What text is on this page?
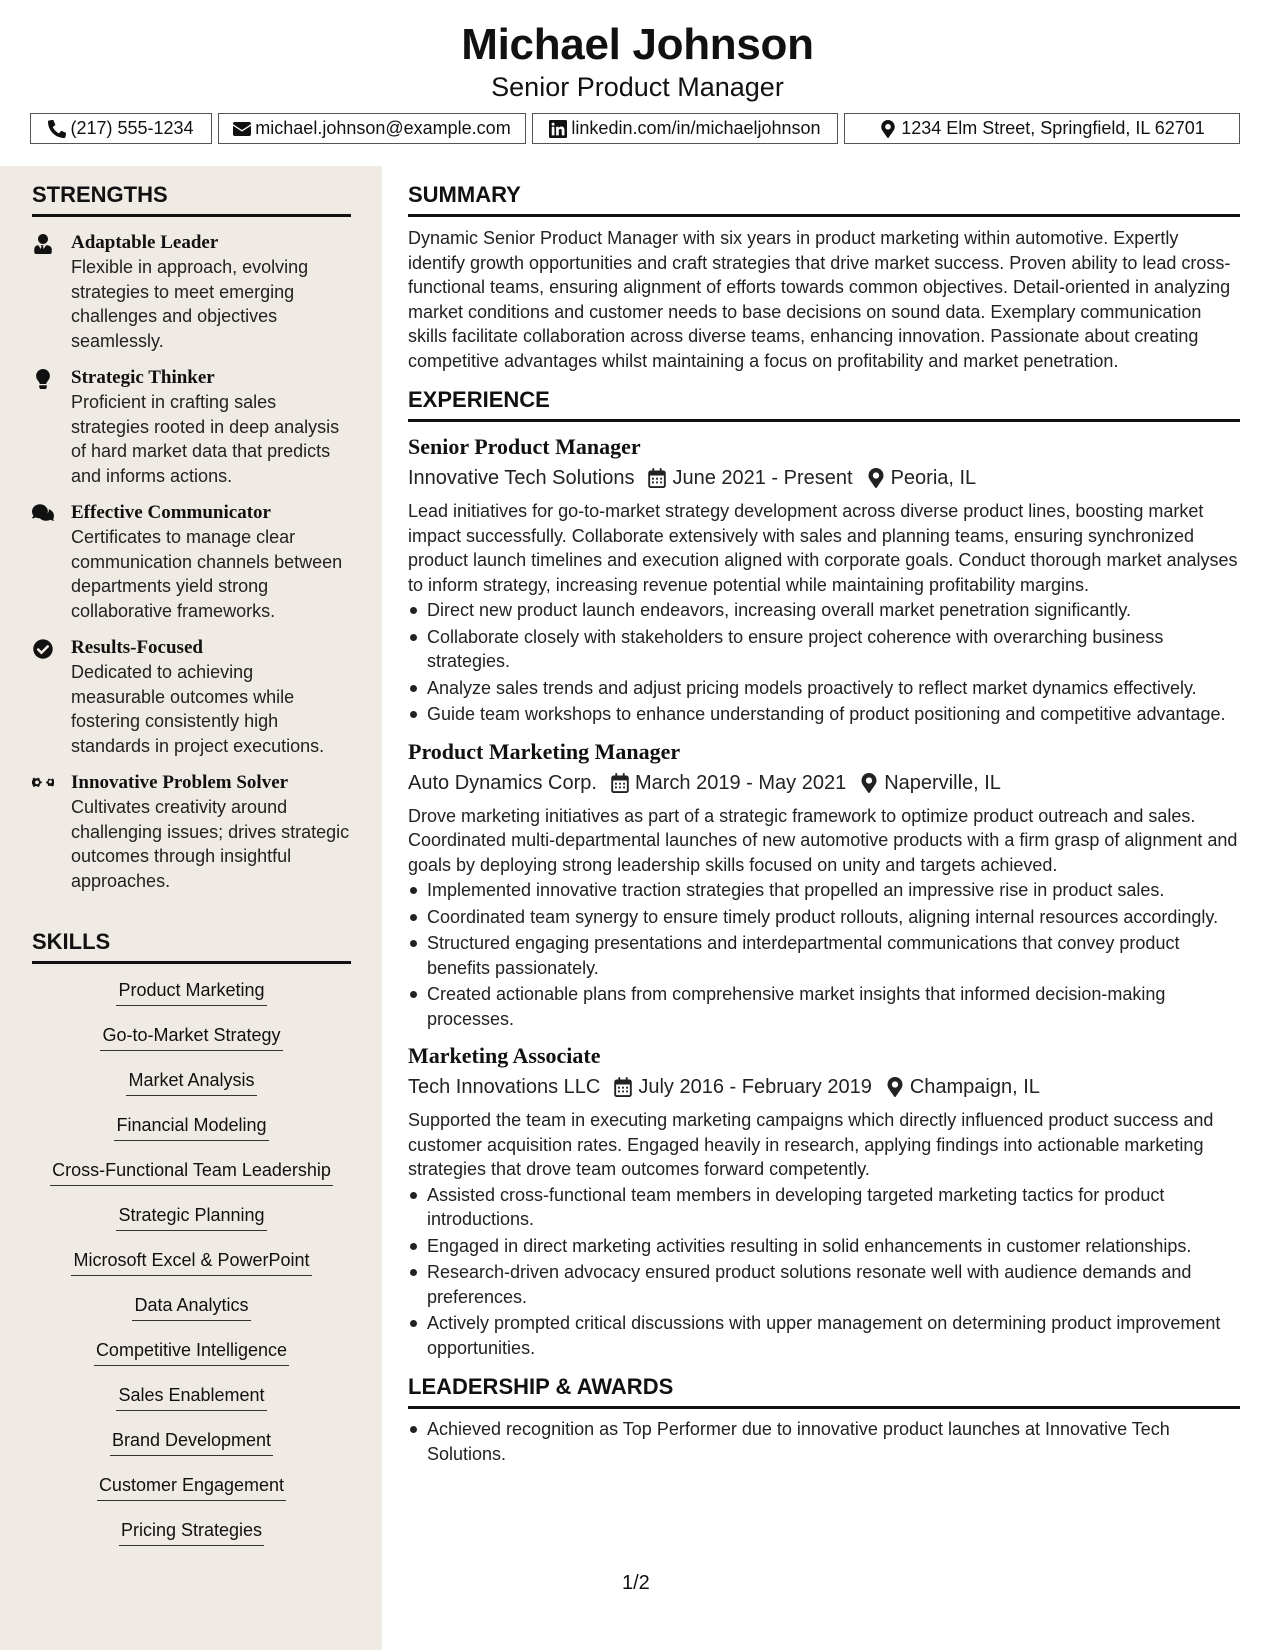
Michael Johnson
Senior Product Manager
(217) 555-1234	michael.johnson@example.com	linkedin.com/in/michaeljohnson	1234 Elm Street, Springfield, IL 62701
STRENGTHS
Adaptable Leader
Flexible in approach, evolving strategies to meet emerging challenges and objectives seamlessly.
Strategic Thinker
Proficient in crafting sales strategies rooted in deep analysis of hard market data that predicts and informs actions.
Effective Communicator
Certificates to manage clear communication channels between departments yield strong collaborative frameworks.
Results-Focused
Dedicated to achieving measurable outcomes while fostering consistently high standards in project executions.
Innovative Problem Solver
Cultivates creativity around challenging issues; drives strategic outcomes through insightful approaches.
SKILLS
Product Marketing
Go-to-Market Strategy
Market Analysis
Financial Modeling
Cross-Functional Team Leadership
Strategic Planning
Microsoft Excel & PowerPoint
Data Analytics
Competitive Intelligence
Sales Enablement
Brand Development
Customer Engagement
Pricing Strategies
SUMMARY
Dynamic Senior Product Manager with six years in product marketing within automotive. Expertly identify growth opportunities and craft strategies that drive market success. Proven ability to lead cross-functional teams, ensuring alignment of efforts towards common objectives. Detail-oriented in analyzing market conditions and customer needs to base decisions on sound data. Exemplary communication skills facilitate collaboration across diverse teams, enhancing innovation. Passionate about creating competitive advantages whilst maintaining a focus on profitability and market penetration.
EXPERIENCE
Senior Product Manager
Innovative Tech Solutions June 2021 - Present Peoria, IL
Lead initiatives for go-to-market strategy development across diverse product lines, boosting market impact successfully. Collaborate extensively with sales and planning teams, ensuring synchronized product launch timelines and execution aligned with corporate goals. Conduct thorough market analyses to inform strategy, increasing revenue potential while maintaining profitability margins.
Direct new product launch endeavors, increasing overall market penetration significantly.
Collaborate closely with stakeholders to ensure project coherence with overarching business strategies.
Analyze sales trends and adjust pricing models proactively to reflect market dynamics effectively.
Guide team workshops to enhance understanding of product positioning and competitive advantage.
Product Marketing Manager
Auto Dynamics Corp. March 2019 - May 2021 Naperville, IL
Drove marketing initiatives as part of a strategic framework to optimize product outreach and sales. Coordinated multi-departmental launches of new automotive products with a firm grasp of alignment and goals by deploying strong leadership skills focused on unity and targets achieved.
Implemented innovative traction strategies that propelled an impressive rise in product sales.
Coordinated team synergy to ensure timely product rollouts, aligning internal resources accordingly.
Structured engaging presentations and interdepartmental communications that convey product benefits passionately.
Created actionable plans from comprehensive market insights that informed decision-making processes.
Marketing Associate
Tech Innovations LLC July 2016 - February 2019 Champaign, IL
Supported the team in executing marketing campaigns which directly influenced product success and customer acquisition rates. Engaged heavily in research, applying findings into actionable marketing strategies that drove team outcomes forward competently.
Assisted cross-functional team members in developing targeted marketing tactics for product introductions.
Engaged in direct marketing activities resulting in solid enhancements in customer relationships.
Research-driven advocacy ensured product solutions resonate well with audience demands and preferences.
Actively prompted critical discussions with upper management on determining product improvement opportunities.
LEADERSHIP & AWARDS
Achieved recognition as Top Performer due to innovative product launches at Innovative Tech Solutions.
1/2
